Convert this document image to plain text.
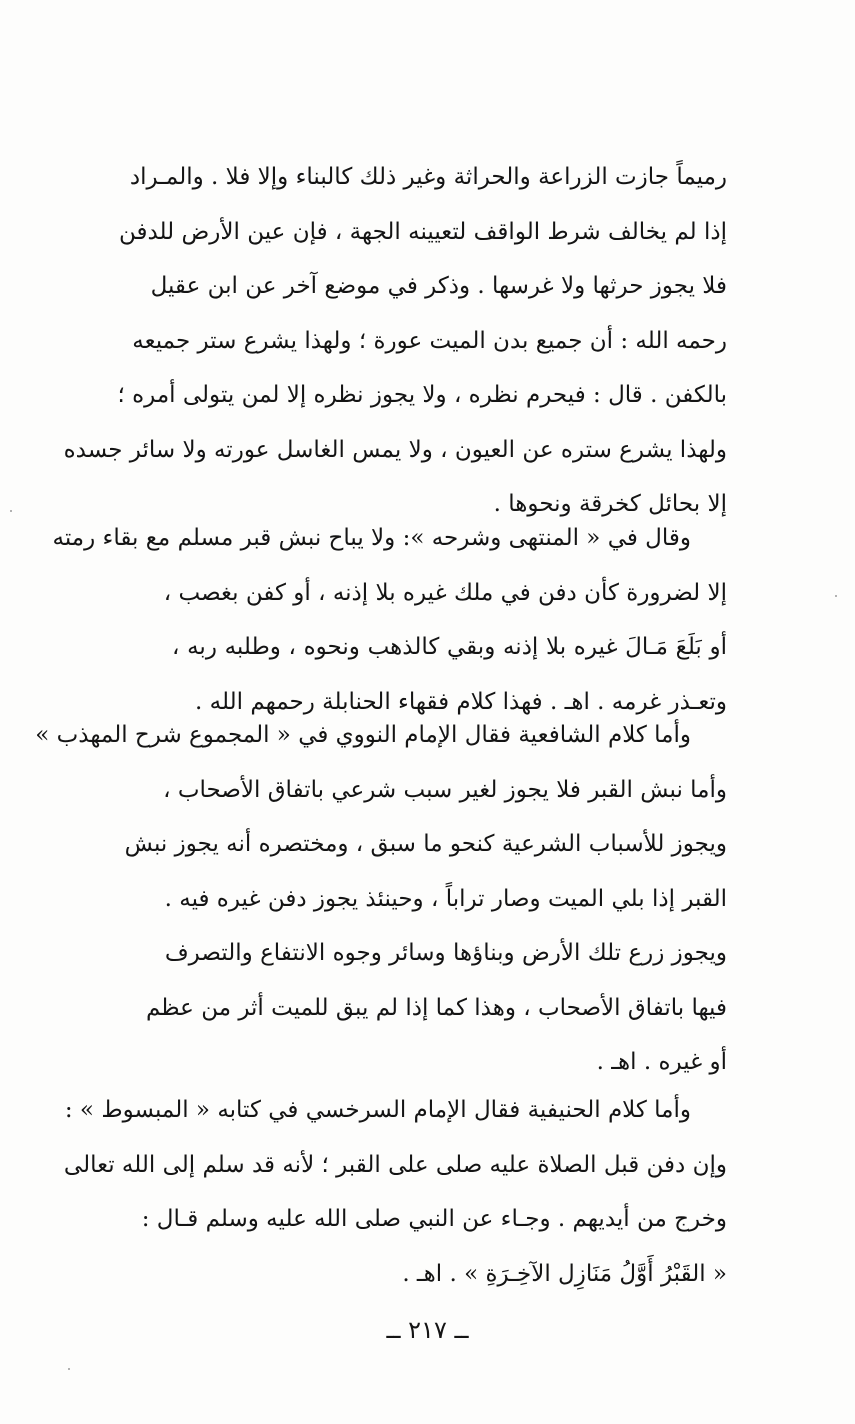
رميماً جازت الزراعة والحراثة وغير ذلك كالبناء وإلا فلا . والمـراد
إذا لم يخالف شرط الواقف لتعيينه الجهة ، فإن عين الأرض للدفن
فلا يجوز حرثها ولا غرسها . وذكر في موضع آخر عن ابن عقيل
رحمه الله : أن جميع بدن الميت عورة ؛ ولهذا يشرع ستر جميعه
بالكفن . قال : فيحرم نظره ، ولا يجوز نظره إلا لمن يتولى أمره ؛
ولهذا يشرع ستره عن العيون ، ولا يمس الغاسل عورته ولا سائر جسده
إلا بحائل كخرقة ونحوها .
وقال في « المنتهى وشرحه »: ولا يباح نبش قبر مسلم مع بقاء رمته
إلا لضرورة كأن دفن في ملك غيره بلا إذنه ، أو كفن بغصب ،
أو بَلَعَ مَـالَ غيره بلا إذنه وبقي كالذهب ونحوه ، وطلبه ربه ،
وتعـذر غرمه . اهـ . فهذا كلام فقهاء الحنابلة رحمهم الله .
وأما كلام الشافعية فقال الإمام النووي في « المجموع شرح المهذب »
وأما نبش القبر فلا يجوز لغير سبب شرعي باتفاق الأصحاب ،
ويجوز للأسباب الشرعية كنحو ما سبق ، ومختصره أنه يجوز نبش
القبر إذا بلي الميت وصار تراباً ، وحينئذ يجوز دفن غيره فيه .
ويجوز زرع تلك الأرض وبناؤها وسائر وجوه الانتفاع والتصرف
فيها باتفاق الأصحاب ، وهذا كما إذا لم يبق للميت أثر من عظم
أو غيره . اهـ .
وأما كلام الحنيفية فقال الإمام السرخسي في كتابه « المبسوط » :
وإن دفن قبل الصلاة عليه صلى على القبر ؛ لأنه قد سلم إلى الله تعالى
وخرج من أيديهم . وجـاء عن النبي صلى الله عليه وسلم قـال :
« القَبْرُ أَوَّلُ مَنَازِل الآخِـرَةِ » . اهـ .
ــ ٢١٧ ــ
